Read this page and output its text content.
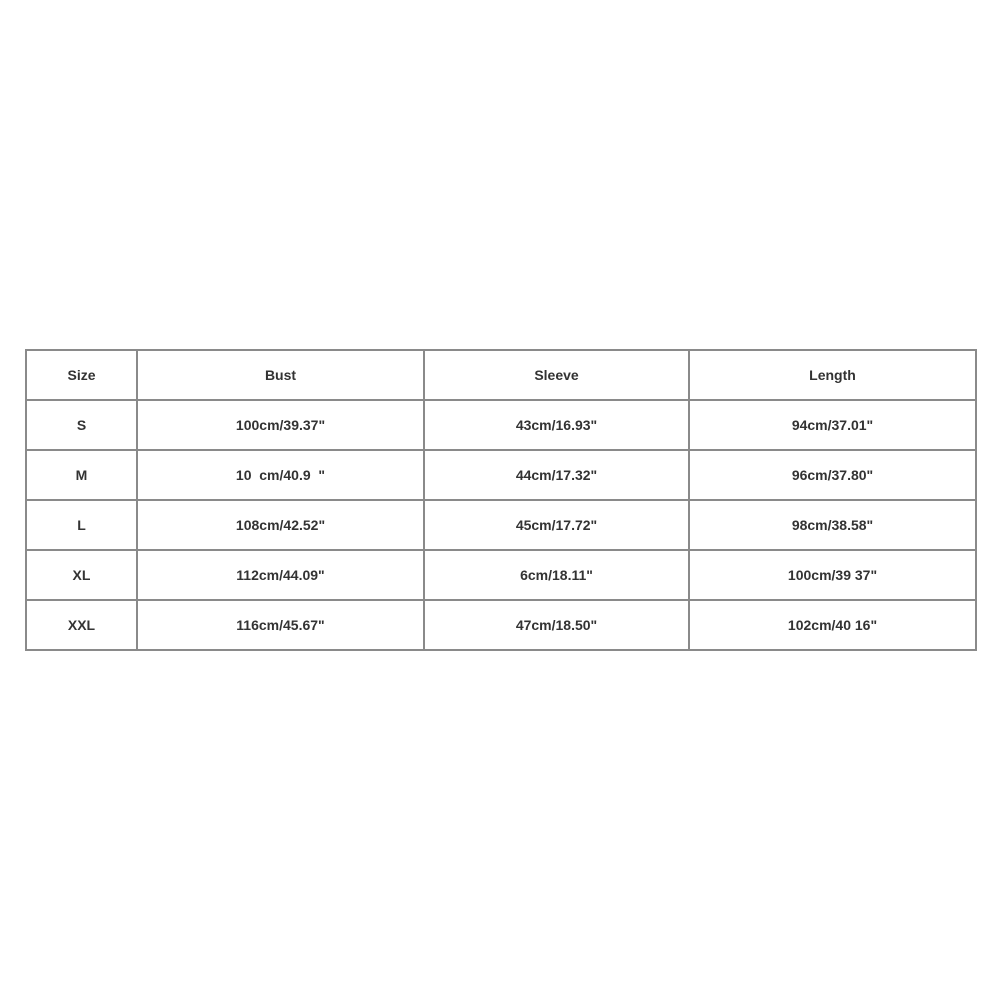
Size	Bust	Sleeve	Length
S	100cm/39.37"	43cm/16.93"	94cm/37.01"
M	10  cm/40.9  "	44cm/17.32"	96cm/37.80"
L	108cm/42.52"	45cm/17.72"	98cm/38.58"
XL	112cm/44.09"	6cm/18.11"	100cm/39 37"
XXL	116cm/45.67"	47cm/18.50"	102cm/40 16"
